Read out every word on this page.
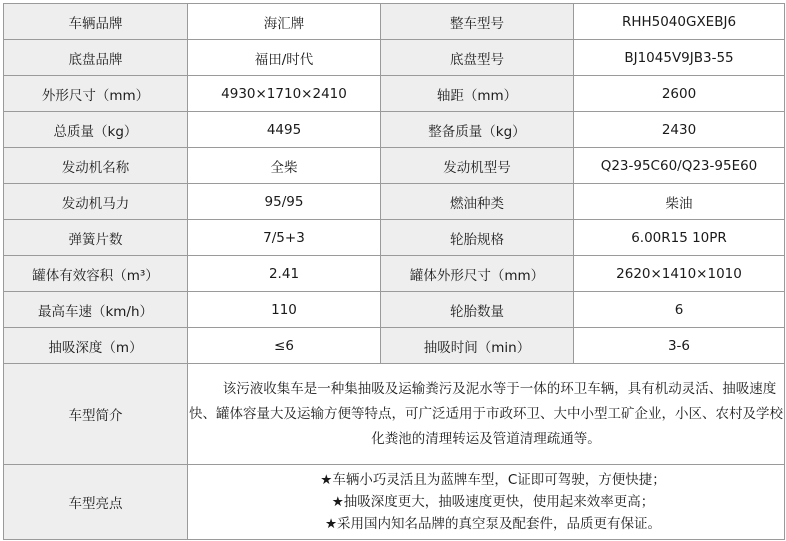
车辆品牌	海汇牌	整车型号	RHH5040GXEBJ6
底盘品牌	福田/时代	底盘型号	BJ1045V9JB3-55
外形尺寸（mm）	4930×1710×2410	轴距（mm）	2600
总质量（kg）	4495	整备质量（kg）	2430
发动机名称	全柴	发动机型号	Q23-95C60/Q23-95E60
发动机马力	95/95	燃油种类	柴油
弹簧片数	7/5+3	轮胎规格	6.00R15 10PR
罐体有效容积（m³）	2.41	罐体外形尺寸（mm）	2620×1410×1010
最高车速（km/h）	110	轮胎数量	6
抽吸深度（m）	≤6	抽吸时间（min）	3-6
车型简介	该污液收集车是一种集抽吸及运输粪污及泥水等于一体的环卫车辆，具有机动灵活、抽吸速度快、罐体容量大及运输方便等特点，可广泛适用于市政环卫、大中小型工矿企业，小区、农村及学校化粪池的清理转运及管道清理疏通等。		

车型亮点	★车辆小巧灵活且为蓝牌车型，C证即可驾驶，方便快捷；
★抽吸深度更大，抽吸速度更快，使用起来效率更高；
★采用国内知名品牌的真空泵及配套件，品质更有保证。		
